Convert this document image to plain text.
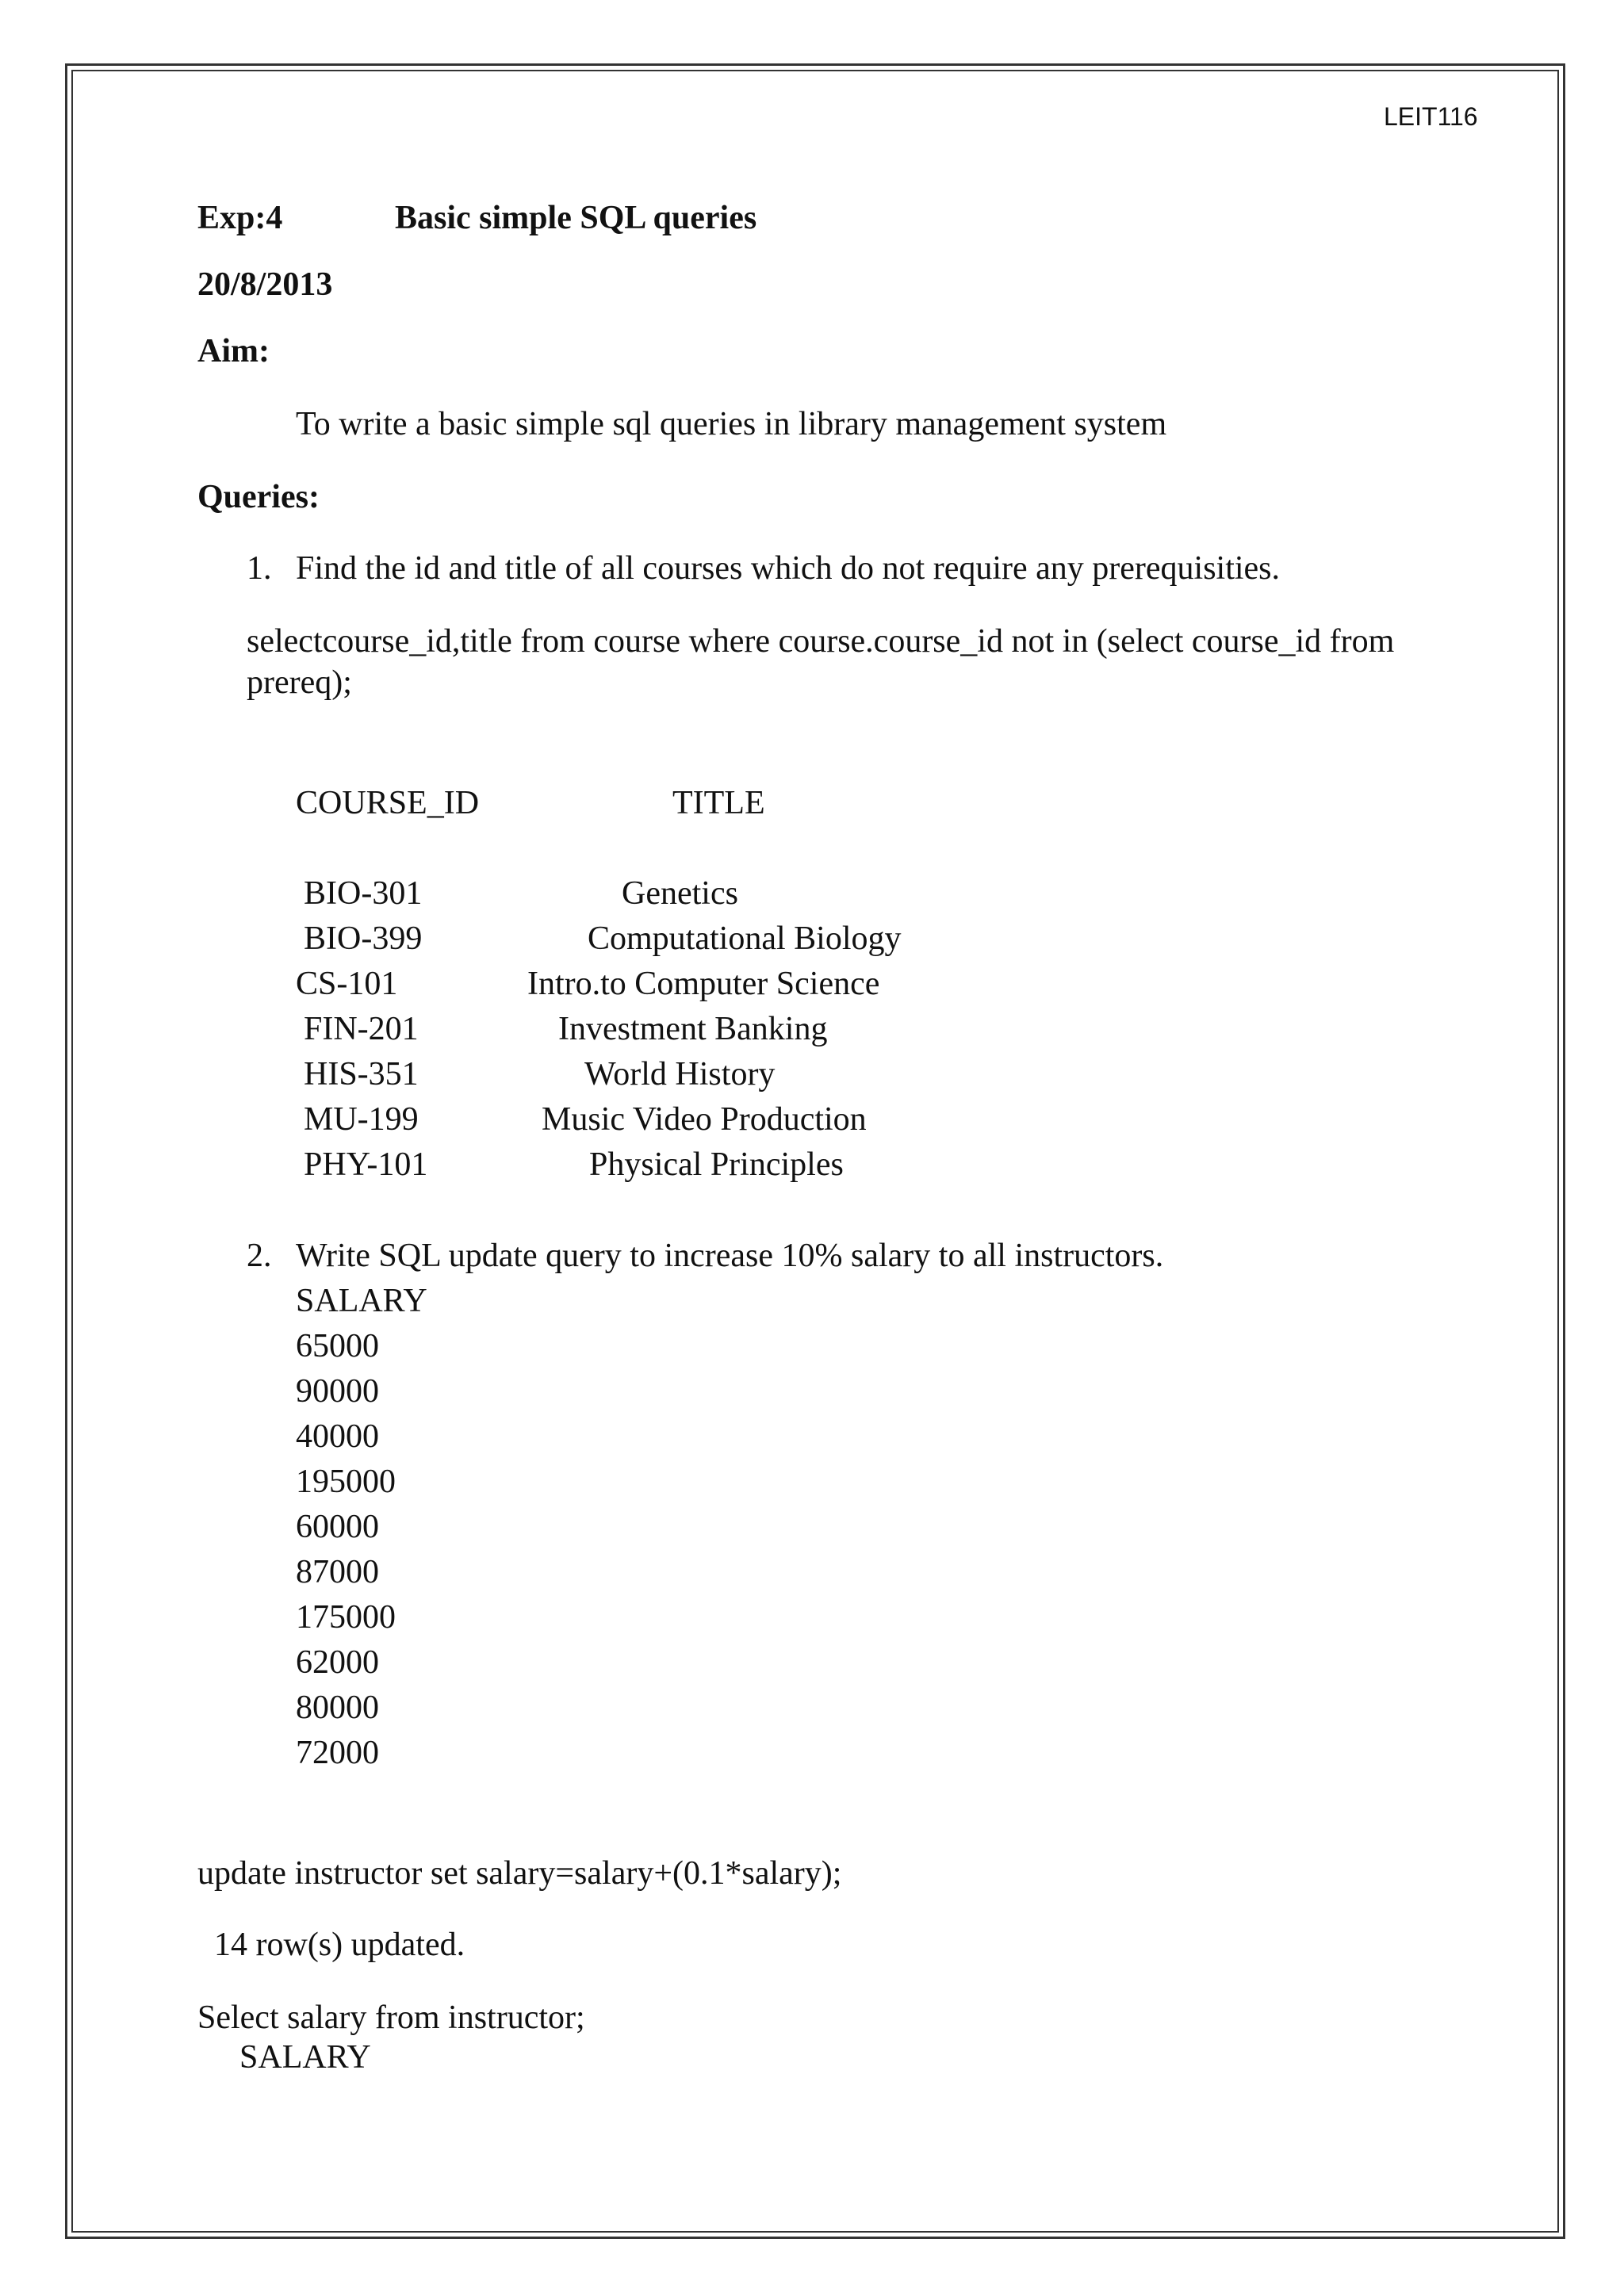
LEIT116
Exp:4	Basic simple SQL queries
20/8/2013
Aim:
To write a basic simple sql queries in library management system
Queries:
1. Find the id and title of all courses which do not require any prerequisities.
selectcourse_id,title from course where course.course_id not in (select course_id from
prereq);
COURSE_ID	TITLE
BIO-301	Genetics
BIO-399	Computational Biology
CS-101	Intro.to Computer Science
FIN-201	Investment Banking
HIS-351	World History
MU-199	Music Video Production
PHY-101	Physical Principles
2. Write SQL update query to increase 10% salary to all instructors.
SALARY
65000
90000
40000
195000
60000
87000
175000
62000
80000
72000
update instructor set salary=salary+(0.1*salary);
14 row(s) updated.
Select salary from instructor;
SALARY
